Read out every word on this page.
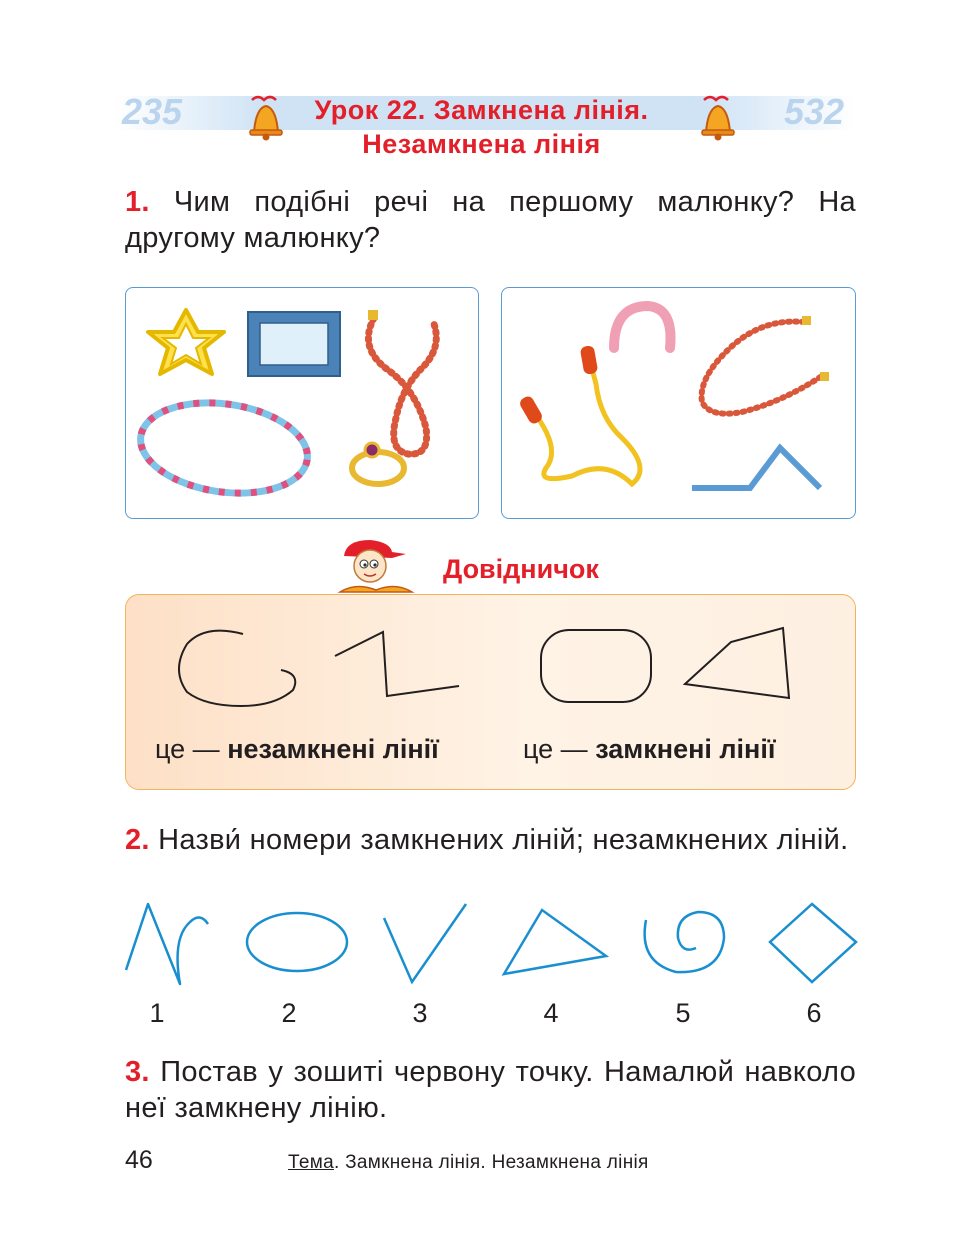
235	532
Урок 22. Замкнена лінія.
Незамкнена лінія
1. Чим подібні речі на першому малюнку? На другому малюнку?
Довідничок
це — незамкнені лінії	це — замкнені лінії
2. Назви́ номери замкнених ліній; незамкнених ліній.
1	2	3	4	5	6
3. Постав у зошиті червону точку. Намалюй навколо неї замкнену лінію.
46	Тема. Замкнена лінія. Незамкнена лінія
